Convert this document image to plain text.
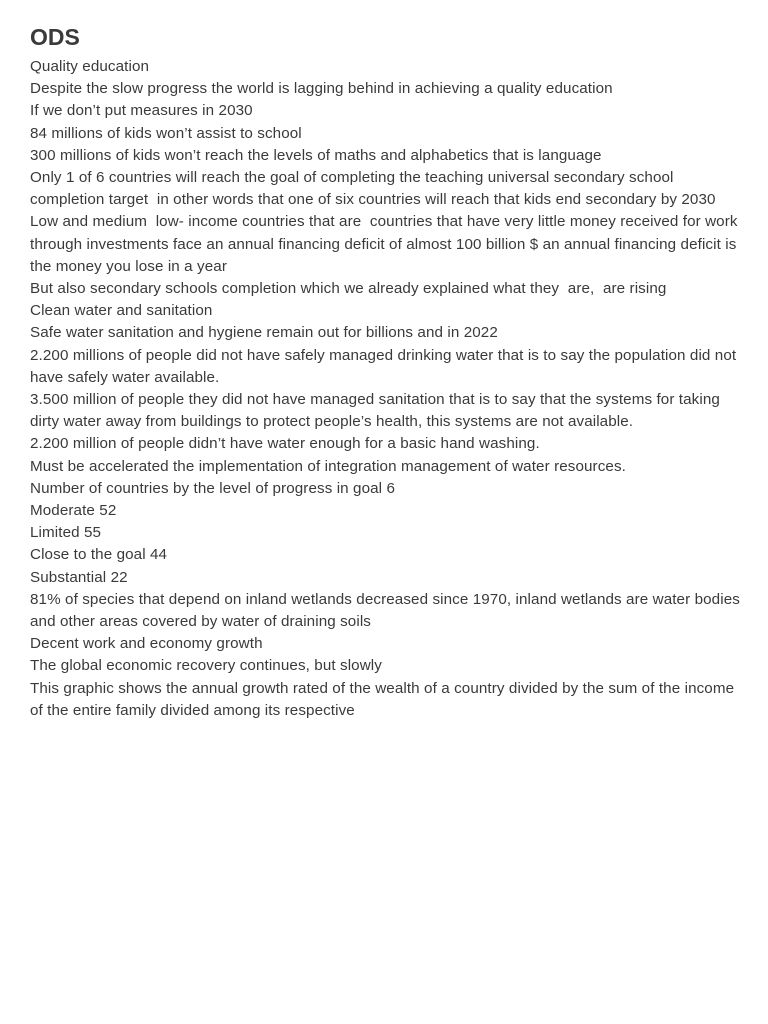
ODS
Quality education
Despite the slow progress the world is lagging behind in achieving a quality education
If we don’t put measures in 2030
84 millions of kids won’t assist to school
300 millions of kids won’t reach the levels of maths and alphabetics that is language
Only 1 of 6 countries will reach the goal of completing the teaching universal secondary school completion target  in other words that one of six countries will reach that kids end secondary by 2030
Low and medium  low- income countries that are  countries that have very little money received for work through investments face an annual financing deficit of almost 100 billion $ an annual financing deficit is the money you lose in a year
But also secondary schools completion which we already explained what they  are,  are rising
Clean water and sanitation
Safe water sanitation and hygiene remain out for billions and in 2022
2.200 millions of people did not have safely managed drinking water that is to say the population did not have safely water available.
3.500 million of people they did not have managed sanitation that is to say that the systems for taking dirty water away from buildings to protect people’s health, this systems are not available.
2.200 million of people didn’t have water enough for a basic hand washing.
Must be accelerated the implementation of integration management of water resources.
Number of countries by the level of progress in goal 6
Moderate 52
Limited 55
Close to the goal 44
Substantial 22
81% of species that depend on inland wetlands decreased since 1970, inland wetlands are water bodies and other areas covered by water of draining soils
Decent work and economy growth
The global economic recovery continues, but slowly
This graphic shows the annual growth rated of the wealth of a country divided by the sum of the income of the entire family divided among its respective
